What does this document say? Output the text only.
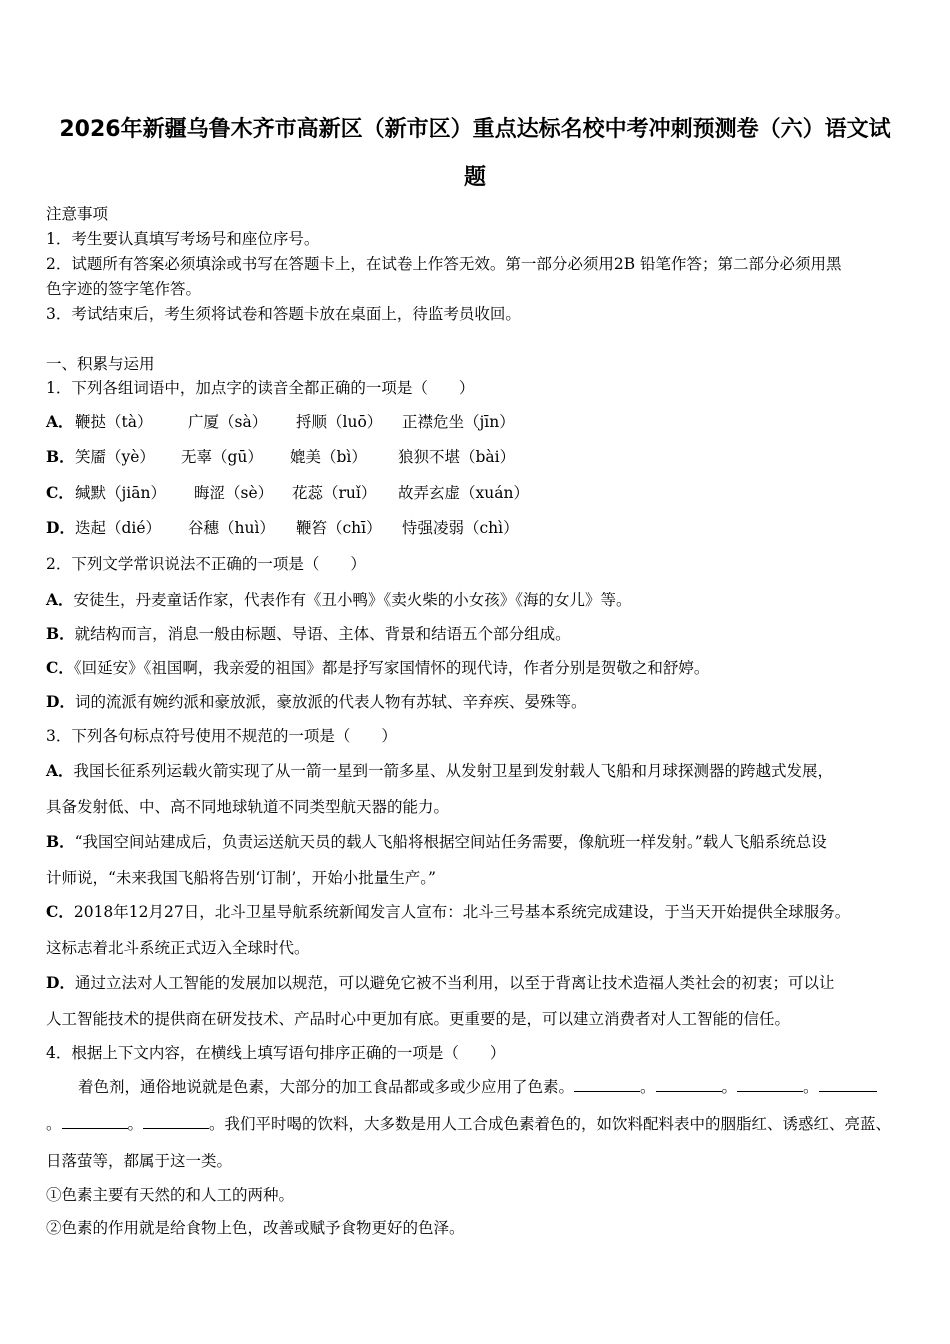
2026年新疆乌鲁木齐市高新区（新市区）重点达标名校中考冲刺预测卷（六）语文试
题
注意事项
1．考生要认真填写考场号和座位序号。
2．试题所有答案必须填涂或书写在答题卡上，在试卷上作答无效。第一部分必须用2B 铅笔作答；第二部分必须用黑
色字迹的签字笔作答。
3．考试结束后，考生须将试卷和答题卡放在桌面上，待监考员收回。
一、积累与运用
1．下列各组词语中，加点字的读音全都正确的一项是（　　）
A． 鞭挞（tà） 广厦（sà） 捋顺（luō） 正襟危坐（jīn）
B． 笑靥（yè） 无辜（gū） 媲美（bì） 狼狈不堪（bài）
C． 缄默（jiān） 晦涩（sè） 花蕊（ruǐ） 故弄玄虚（xuán）
D． 迭起（dié） 谷穗（huì） 鞭笞（chī） 恃强凌弱（chì）
2．下列文学常识说法不正确的一项是（　　）
A．安徒生，丹麦童话作家，代表作有《丑小鸭》《卖火柴的小女孩》《海的女儿》等。
B．就结构而言，消息一般由标题、导语、主体、背景和结语五个部分组成。
C．《回延安》《祖国啊，我亲爱的祖国》都是抒写家国情怀的现代诗，作者分别是贺敬之和舒婷。
D．词的流派有婉约派和豪放派，豪放派的代表人物有苏轼、辛弃疾、晏殊等。
3．下列各句标点符号使用不规范的一项是（　　）
A．我国长征系列运载火箭实现了从一箭一星到一箭多星、从发射卫星到发射载人飞船和月球探测器的跨越式发展，
具备发射低、中、高不同地球轨道不同类型航天器的能力。
B．“我国空间站建成后，负责运送航天员的载人飞船将根据空间站任务需要，像航班一样发射。”载人飞船系统总设
计师说，“未来我国飞船将告别‘订制’，开始小批量生产。”
C．2018年12月27日，北斗卫星导航系统新闻发言人宣布：北斗三号基本系统完成建设，于当天开始提供全球服务。
这标志着北斗系统正式迈入全球时代。
D．通过立法对人工智能的发展加以规范，可以避免它被不当利用，以至于背离让技术造福人类社会的初衷；可以让
人工智能技术的提供商在研发技术、产品时心中更加有底。更重要的是，可以建立消费者对人工智能的信任。
4．根据上下文内容，在横线上填写语句排序正确的一项是（　　）
着色剂，通俗地说就是色素，大部分的加工食品都或多或少应用了色素。	。	。	。
。	。	。我们平时喝的饮料，大多数是用人工合成色素着色的，如饮料配料表中的胭脂红、诱惑红、亮蓝、
日落萤等，都属于这一类。
①色素主要有天然的和人工的两种。
②色素的作用就是给食物上色，改善或赋予食物更好的色泽。
